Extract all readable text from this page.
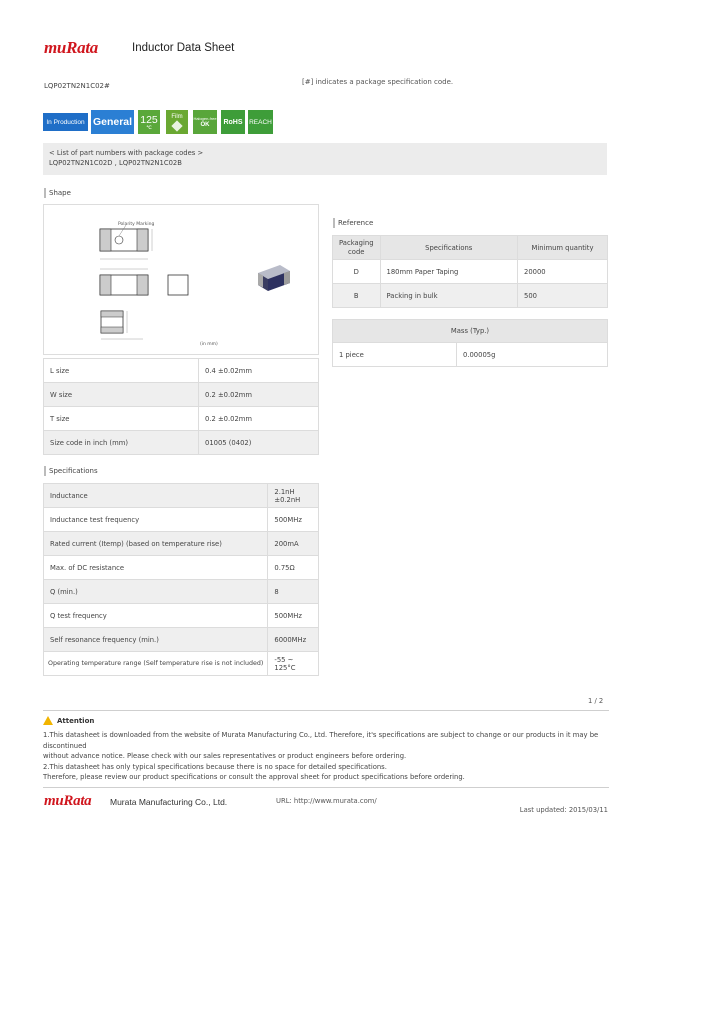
muRata	Inductor Data Sheet
LQP02TN2N1C02#	[#] indicates a package specification code.
In Production General 125
℃
Film	Halogen-free
OK	RoHS	REACH
< List of part numbers with package codes >
LQP02TN2N1C02D , LQP02TN2N1C02B
Shape
Polarity Marking
(in mm)
L size	0.4 ±0.02mm
W size	0.2 ±0.02mm
T size	0.2 ±0.02mm
Size code in inch (mm)	01005 (0402)
Reference
Packaging code	Specifications	Minimum quantity
D	180mm Paper Taping	20000
B	Packing in bulk	500
Mass (Typ.)
1 piece	0.00005g
Specifications
Inductance	2.1nH ±0.2nH
Inductance test frequency	500MHz
Rated current (Itemp) (based on temperature rise)	200mA
Max. of DC resistance	0.75Ω
Q (min.)	8
Q test frequency	500MHz
Self resonance frequency (min.)	6000MHz
Operating temperature range (Self temperature rise is not included)	-55 ~ 125°C
1 / 2
Attention
1.This datasheet is downloaded from the website of Murata Manufacturing Co., Ltd. Therefore, it's specifications are subject to change or our products in it may be discontinued
without advance notice. Please check with our sales representatives or product engineers before ordering.
2.This datasheet has only typical specifications because there is no space for detailed specifications.
Therefore, please review our product specifications or consult the approval sheet for product specifications before ordering.
muRata Murata Manufacturing Co., Ltd.	URL: http://www.murata.com/
Last updated: 2015/03/11
